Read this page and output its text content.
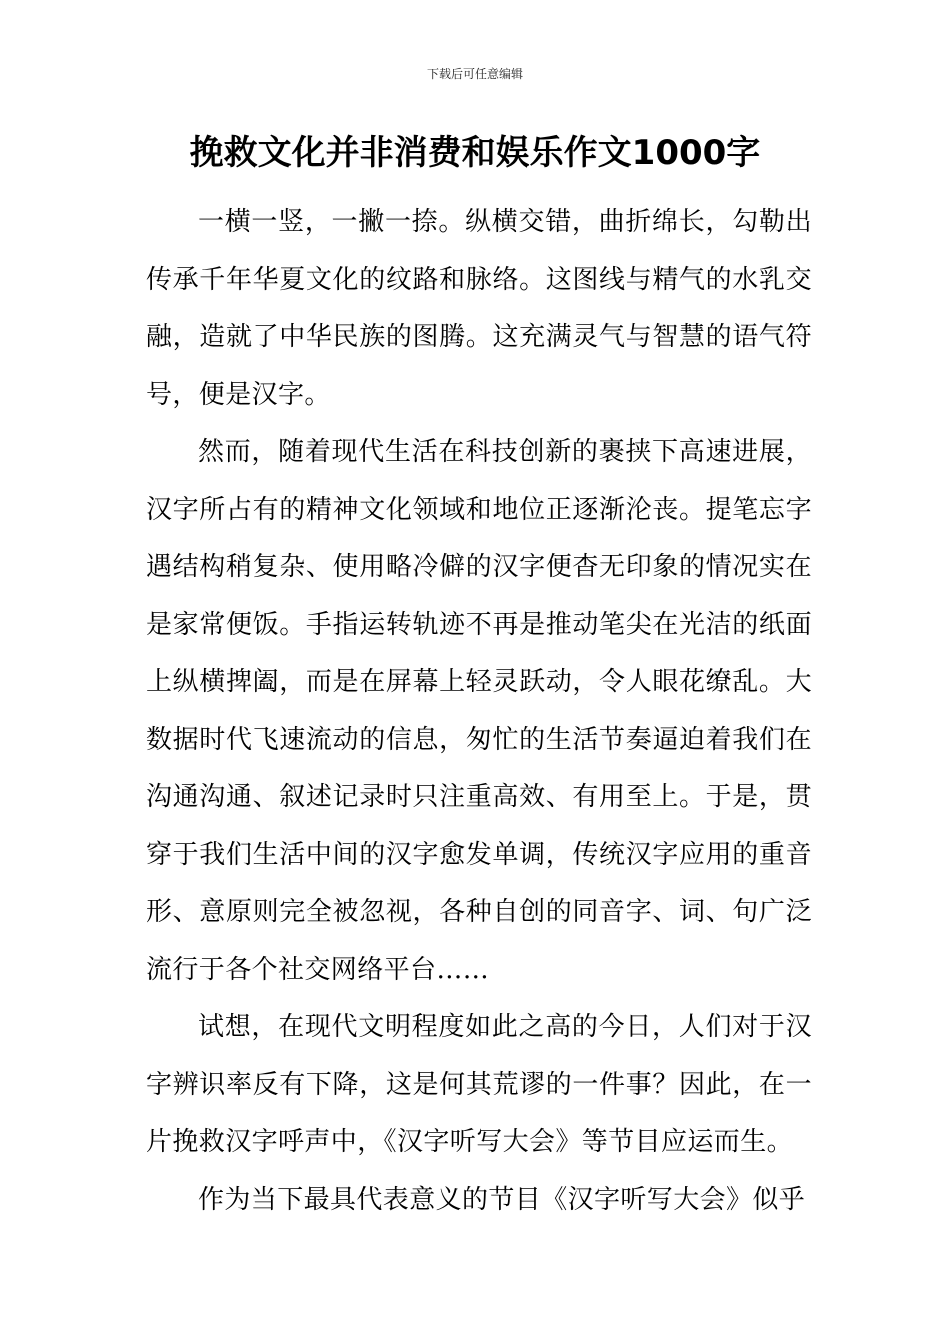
下载后可任意编辑
挽救文化并非消费和娱乐作文1000字

一横一竖，一撇一捺。纵横交错，曲折绵长，勾勒出传承千年华夏文化的纹路和脉络。这图线与精气的水乳交融，造就了中华民族的图腾。这充满灵气与智慧的语气符号，便是汉字。

然而，随着现代生活在科技创新的裹挟下高速进展，汉字所占有的精神文化领域和地位正逐渐沦丧。提笔忘字遇结构稍复杂、使用略冷僻的汉字便杳无印象的情况实在是家常便饭。手指运转轨迹不再是推动笔尖在光洁的纸面上纵横捭阖，而是在屏幕上轻灵跃动，令人眼花缭乱。大数据时代飞速流动的信息，匆忙的生活节奏逼迫着我们在沟通沟通、叙述记录时只注重高效、有用至上。于是，贯穿于我们生活中间的汉字愈发单调，传统汉字应用的重音形、意原则完全被忽视，各种自创的同音字、词、句广泛流行于各个社交网络平台……

试想，在现代文明程度如此之高的今日，人们对于汉字辨识率反有下降，这是何其荒谬的一件事？因此，在一片挽救汉字呼声中，《汉字听写大会》等节目应运而生。

作为当下最具代表意义的节目《汉字听写大会》似乎
